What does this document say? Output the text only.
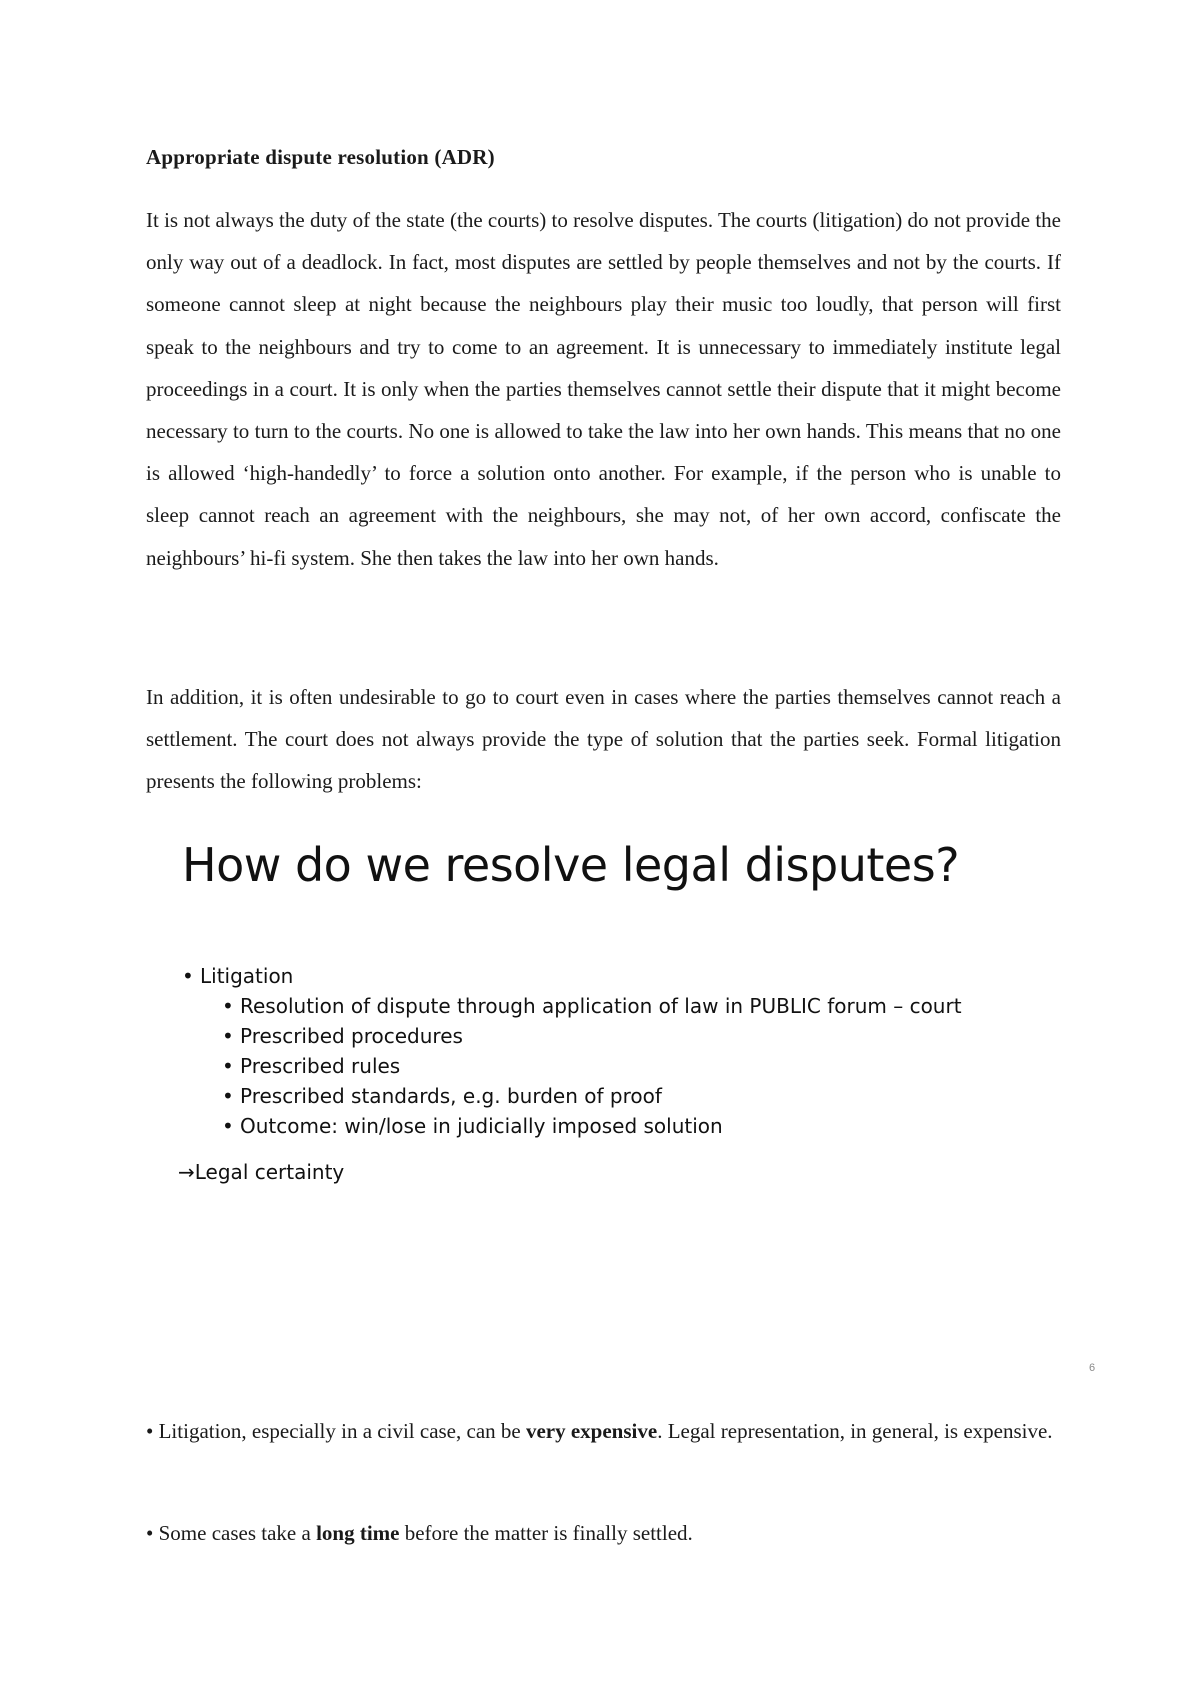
Appropriate dispute resolution (ADR)

It is not always the duty of the state (the courts) to resolve disputes. The courts (litigation) do not provide the only way out of a deadlock. In fact, most disputes are settled by people themselves and not by the courts. If someone cannot sleep at night because the neighbours play their music too loudly, that person will first speak to the neighbours and try to come to an agreement. It is unnecessary to immediately institute legal proceedings in a court. It is only when the parties themselves cannot settle their dispute that it might become necessary to turn to the courts. No one is allowed to take the law into her own hands. This means that no one is allowed ‘high-handedly’ to force a solution onto another. For example, if the person who is unable to sleep cannot reach an agreement with the neighbours, she may not, of her own accord, confiscate the neighbours’ hi-fi system. She then takes the law into her own hands.

In addition, it is often undesirable to go to court even in cases where the parties themselves cannot reach a settlement. The court does not always provide the type of solution that the parties seek. Formal litigation presents the following problems:

How do we resolve legal disputes?
• Litigation
• Resolution of dispute through application of law in PUBLIC forum – court
• Prescribed procedures
• Prescribed rules
• Prescribed standards, e.g. burden of proof
• Outcome: win/lose in judicially imposed solution
→Legal certainty
6

• Litigation, especially in a civil case, can be very expensive. Legal representation, in general, is expensive.

• Some cases take a long time before the matter is finally settled.
